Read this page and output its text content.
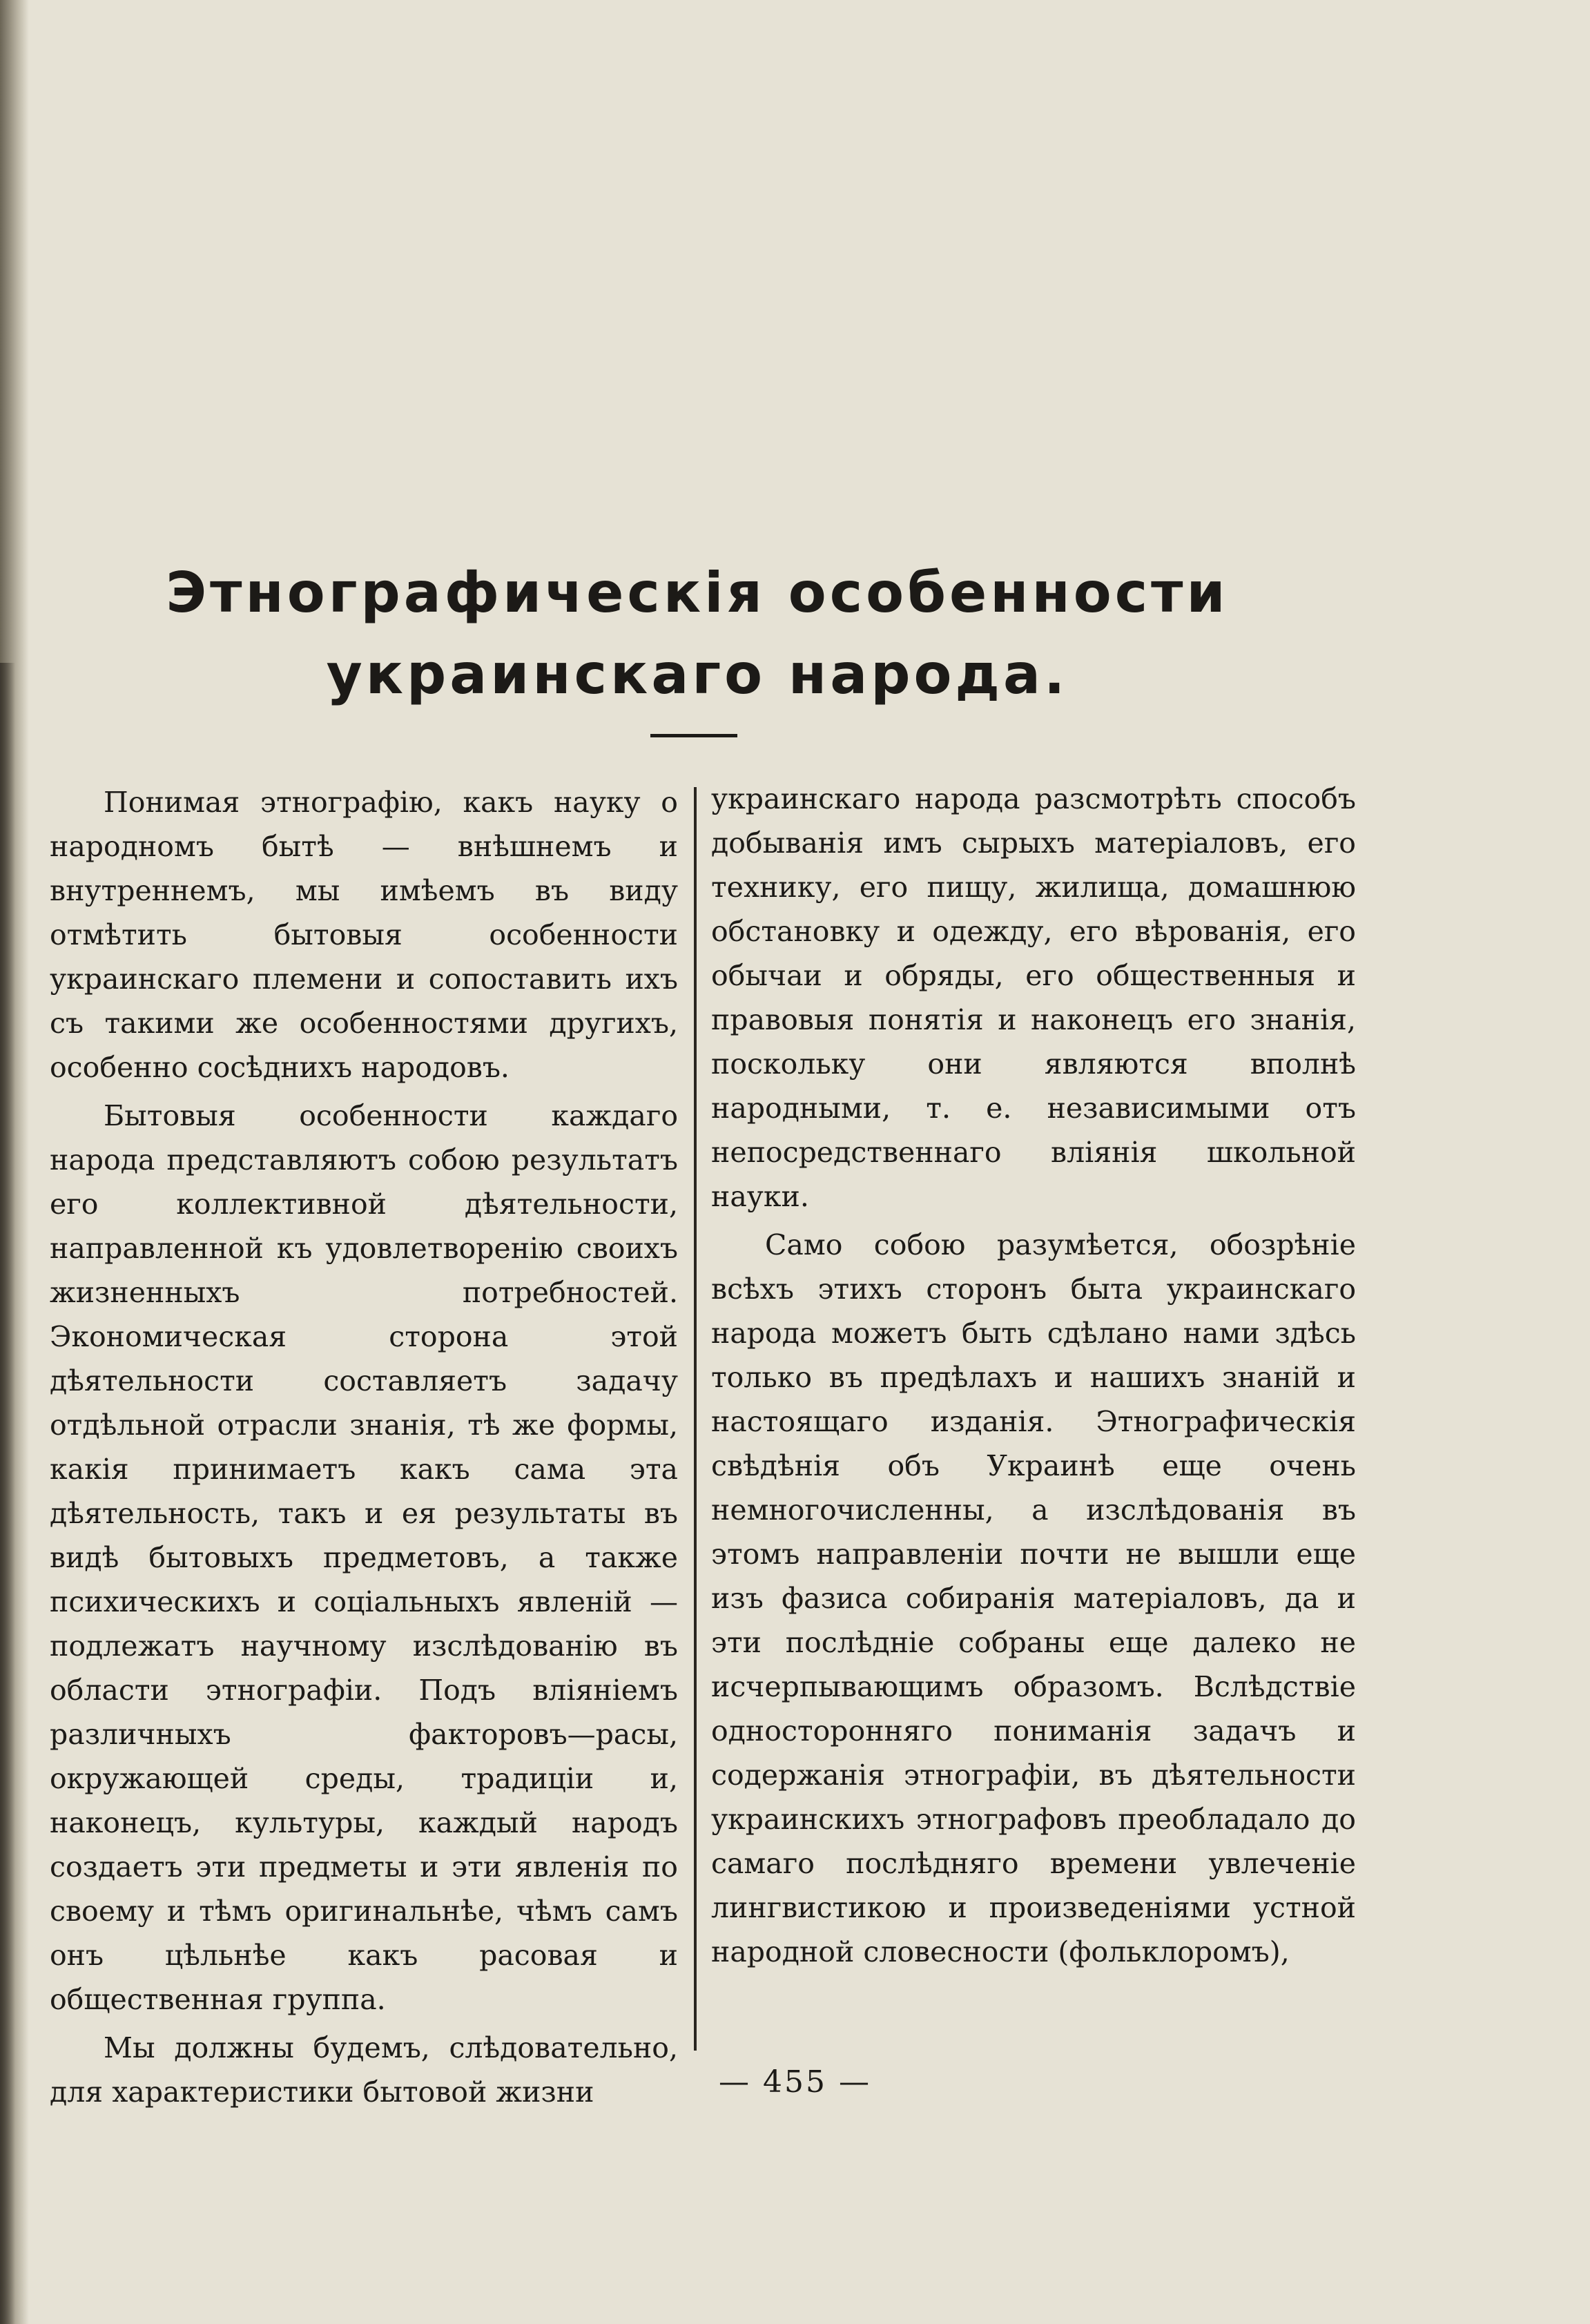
Этнографическія особенности украинскаго народа.

Понимая этнографію, какъ науку о народномъ бытѣ — внѣшнемъ и внутреннемъ, мы имѣемъ въ виду отмѣтить бытовыя особенности украинскаго племени и сопоставить ихъ съ такими же особенностями другихъ, особенно сосѣднихъ народовъ.

Бытовыя особенности каждаго народа представляютъ собою результатъ его коллективной дѣятельности, направленной къ удовлетворенію своихъ жизненныхъ потребностей. Экономическая сторона этой дѣятельности составляетъ задачу отдѣльной отрасли знанія, тѣ же формы, какія принимаетъ какъ сама эта дѣятельность, такъ и ея результаты въ видѣ бытовыхъ предметовъ, а также психическихъ и соціальныхъ явленій — подлежатъ научному изслѣдованію въ области этнографіи. Подъ вліяніемъ различныхъ факторовъ—расы, окружающей среды, традиціи и, наконецъ, культуры, каждый народъ создаетъ эти предметы и эти явленія по своему и тѣмъ оригинальнѣе, чѣмъ самъ онъ цѣльнѣе какъ расовая и общественная группа.

Мы должны будемъ, слѣдовательно, для характеристики бытовой жизни

украинскаго народа разсмотрѣть способъ добыванія имъ сырыхъ матеріаловъ, его технику, его пищу, жилища, домашнюю обстановку и одежду, его вѣрованія, его обычаи и обряды, его общественныя и правовыя понятія и наконецъ его знанія, поскольку они являются вполнѣ народными, т. е. независимыми отъ непосредственнаго вліянія школьной науки.

Само собою разумѣется, обозрѣніе всѣхъ этихъ сторонъ быта украинскаго народа можетъ быть сдѣлано нами здѣсь только въ предѣлахъ и нашихъ знаній и настоящаго изданія. Этнографическія свѣдѣнія объ Украинѣ еще очень немногочисленны, а изслѣдованія въ этомъ направленіи почти не вышли еще изъ фазиса собиранія матеріаловъ, да и эти послѣдніе собраны еще далеко не исчерпывающимъ образомъ. Вслѣдствіе односторонняго пониманія задачъ и содержанія этнографіи, въ дѣятельности украинскихъ этнографовъ преобладало до самаго послѣдняго времени увлеченіе лингвистикою и произведеніями устной народной словесности (фольклоромъ),

— 455 —
